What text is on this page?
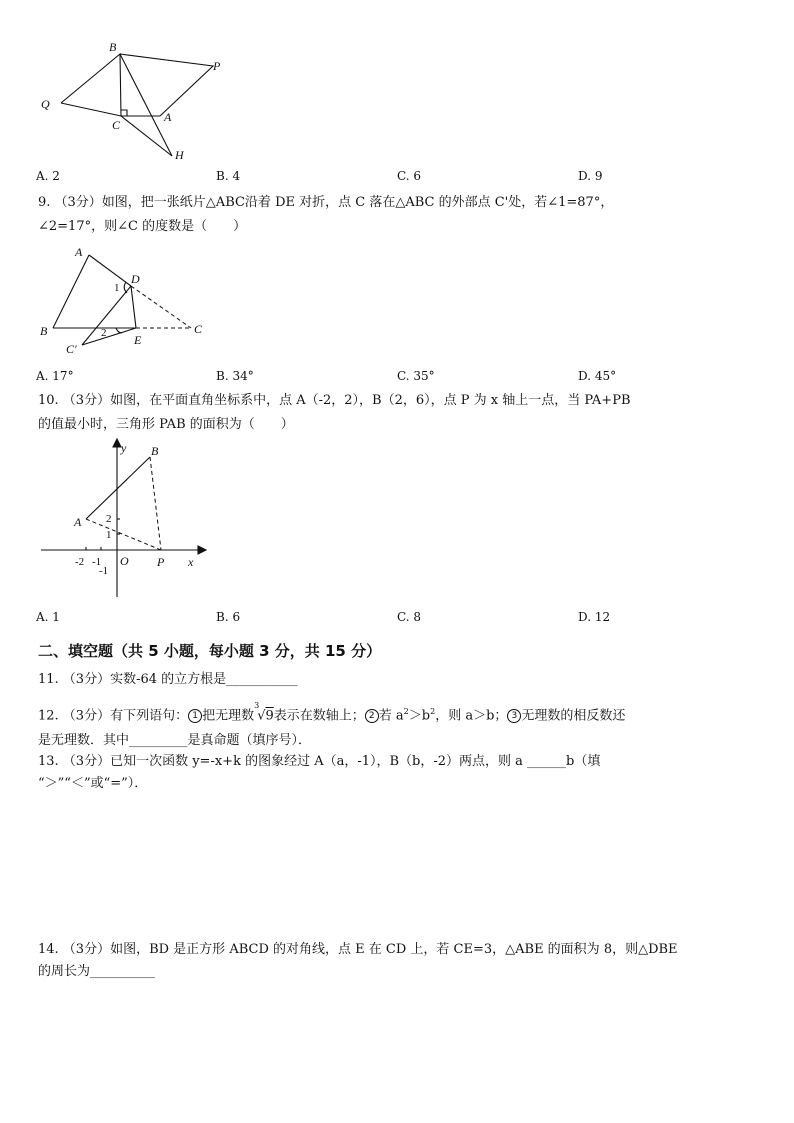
B
P
Q
C
A
H
A. 2	B. 4	C. 6	D. 9
9. （3分）如图，把一张纸片△ABC沿着 DE 对折，点 C 落在△ABC 的外部点 C'处，若∠1=87°，
∠2=17°，则∠C 的度数是（　　）
A
D
1
B	C
2
C'
E
A. 17°	B. 34°	C. 35°	D. 45°
10. （3分）如图，在平面直角坐标系中，点 A（-2，2），B（2，6），点 P 为 x 轴上一点，当 PA+PB
的值最小时，三角形 PAB 的面积为（　　）
y B
A 2
1
-2 -1 O P x
-1
A. 1	B. 6	C. 8	D. 12
二、填空题（共 5 小题，每小题 3 分，共 15 分）
11. （3分）实数-64 的立方根是___________
12. （3分）有下列语句： 1 把无理数$^3$√9表示在数轴上； 2 若 $a^2>b^2$，则 a＞b； 3 无理数的相反数还
是无理数．其中_________是真命题（填序号）．
13. （3分）已知一次函数 y=-x+k 的图象经过 A（a，-1），B（b，-2）两点，则 a ______b（填
“＞”“＜”或“=”）．
14. （3分）如图，BD 是正方形 ABCD 的对角线，点 E 在 CD 上，若 CE=3，△ABE 的面积为 8，则△DBE
的周长为__________
